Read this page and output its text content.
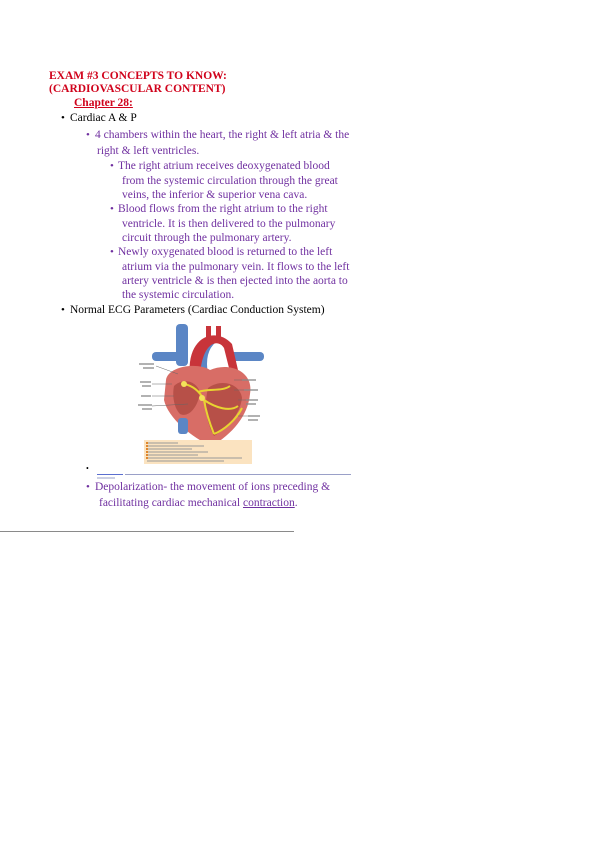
EXAM #3 CONCEPTS TO KNOW:
(CARDIOVASCULAR CONTENT)
Chapter 28:
• Cardiac A & P
• 4 chambers within the heart, the right & left atria & the
right & left ventricles.
• The right atrium receives deoxygenated blood
from the systemic circulation through the great
veins, the inferior & superior vena cava.
• Blood flows from the right atrium to the right
ventricle. It is then delivered to the pulmonary
circuit through the pulmonary artery.
• Newly oxygenated blood is returned to the left
atrium via the pulmonary vein. It flows to the left
artery ventricle & is then ejected into the aorta to
the systemic circulation.
• Normal ECG Parameters (Cardiac Conduction System)
•
• Depolarization- the movement of ions preceding &
facilitating cardiac mechanical contraction.
